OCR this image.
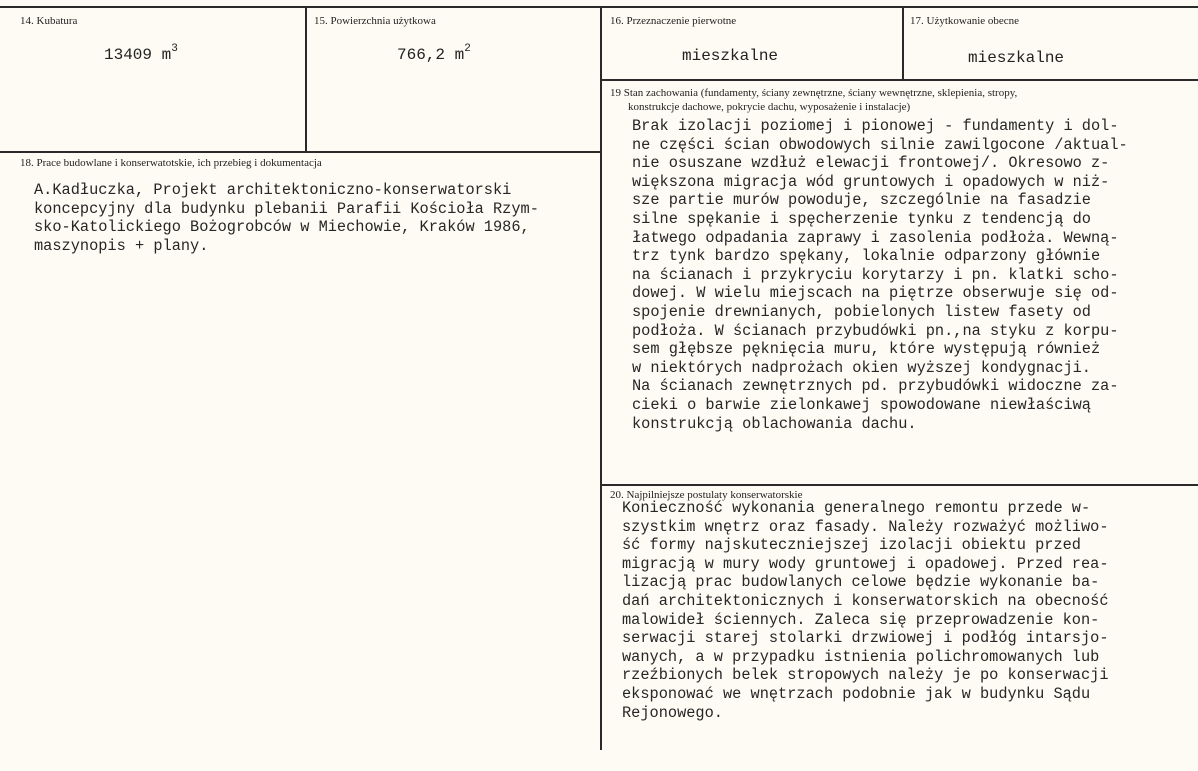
14. Kubatura
13409 $m^3$
15. Powierzchnia użytkowa
766,2 $m^2$
16. Przeznaczenie pierwotne
mieszkalne
17. Użytkowanie obecne
mieszkalne
18. Prace budowlane i konserwatotskie, ich przebieg i dokumentacja
A.Kadłuczka, Projekt architektoniczno-konserwatorski
koncepcyjny dla budynku plebanii Parafii Kościoła Rzym-
sko-Katolickiego Bożogrobców w Miechowie, Kraków 1986,
maszynopis + plany.
19 Stan zachowania (fundamenty, ściany zewnętrzne, ściany wewnętrzne, sklepienia, stropy,
konstrukcje dachowe, pokrycie dachu, wyposażenie i instalacje)
Brak izolacji poziomej i pionowej - fundamenty i dol-
ne części ścian obwodowych silnie zawilgocone /aktual-
nie osuszane wzdłuż elewacji frontowej/. Okresowo z-
większona migracja wód gruntowych i opadowych w niż-
sze partie murów powoduje, szczególnie na fasadzie
silne spękanie i spęcherzenie tynku z tendencją do
łatwego odpadania zaprawy i zasolenia podłoża. Wewną-
trz tynk bardzo spękany, lokalnie odparzony głównie
na ścianach i przykryciu korytarzy i pn. klatki scho-
dowej. W wielu miejscach na piętrze obserwuje się od-
spojenie drewnianych, pobielonych listew fasety od
podłoża. W ścianach przybudówki pn.,na styku z korpu-
sem głębsze pęknięcia muru, które występują również
w niektórych nadprożach okien wyższej kondygnacji.
Na ścianach zewnętrznych pd. przybudówki widoczne za-
cieki o barwie zielonkawej spowodowane niewłaściwą
konstrukcją oblachowania dachu.
20. Najpilniejsze postulaty konserwatorskie
Konieczność wykonania generalnego remontu przede w-
szystkim wnętrz oraz fasady. Należy rozważyć możliwo-
ść formy najskuteczniejszej izolacji obiektu przed
migracją w mury wody gruntowej i opadowej. Przed rea-
lizacją prac budowlanych celowe będzie wykonanie ba-
dań architektonicznych i konserwatorskich na obecność
malowideł ściennych. Zaleca się przeprowadzenie kon-
serwacji starej stolarki drzwiowej i podłóg intarsjo-
wanych, a w przypadku istnienia polichromowanych lub
rzeźbionych belek stropowych należy je po konserwacji
eksponować we wnętrzach podobnie jak w budynku Sądu
Rejonowego.
